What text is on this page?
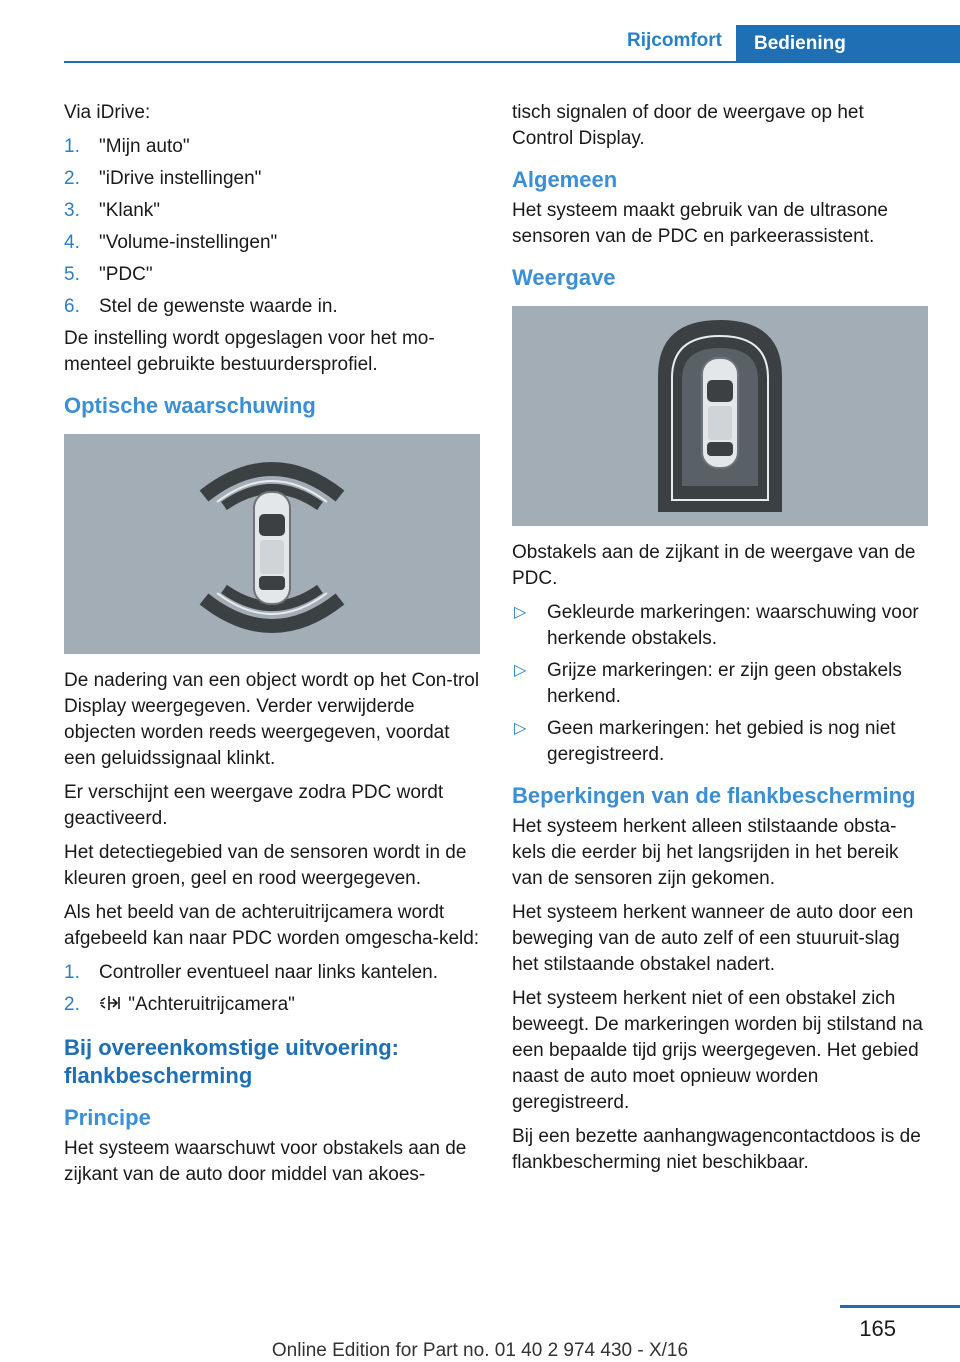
Rijcomfort	Bediening

Via iDrive:

1. "Mijn auto"
2. "iDrive instellingen"
3. "Klank"
4. "Volume-instellingen"
5. "PDC"
6. Stel de gewenste waarde in.

De instelling wordt opgeslagen voor het mo-menteel gebruikte bestuurdersprofiel.

Optische waarschuwing

De nadering van een object wordt op het Con-trol Display weergegeven. Verder verwijderde objecten worden reeds weergegeven, voordat een geluidssignaal klinkt.

Er verschijnt een weergave zodra PDC wordt geactiveerd.

Het detectiegebied van de sensoren wordt in de kleuren groen, geel en rood weergegeven.

Als het beeld van de achteruitrijcamera wordt afgebeeld kan naar PDC worden omgescha-keld:

1. Controller eventueel naar links kantelen.
2.	"Achteruitrijcamera"
Bij overeenkomstige uitvoering: flankbescherming
Principe

Het systeem waarschuwt voor obstakels aan de zijkant van de auto door middel van akoes-

tisch signalen of door de weergave op het Control Display.

Algemeen

Het systeem maakt gebruik van de ultrasone sensoren van de PDC en parkeerassistent.

Weergave

Obstakels aan de zijkant in de weergave van de PDC.

▷ Gekleurde markeringen: waarschuwing voor herkende obstakels.
▷ Grijze markeringen: er zijn geen obstakels herkend.
▷ Geen markeringen: het gebied is nog niet geregistreerd.
Beperkingen van de flankbescherming

Het systeem herkent alleen stilstaande obsta-kels die eerder bij het langsrijden in het bereik van de sensoren zijn gekomen.

Het systeem herkent wanneer de auto door een beweging van de auto zelf of een stuuruit-slag het stilstaande obstakel nadert.

Het systeem herkent niet of een obstakel zich beweegt. De markeringen worden bij stilstand na een bepaalde tijd grijs weergegeven. Het gebied naast de auto moet opnieuw worden geregistreerd.

Bij een bezette aanhangwagencontactdoos is de flankbescherming niet beschikbaar.

165
Online Edition for Part no. 01 40 2 974 430 - X/16
